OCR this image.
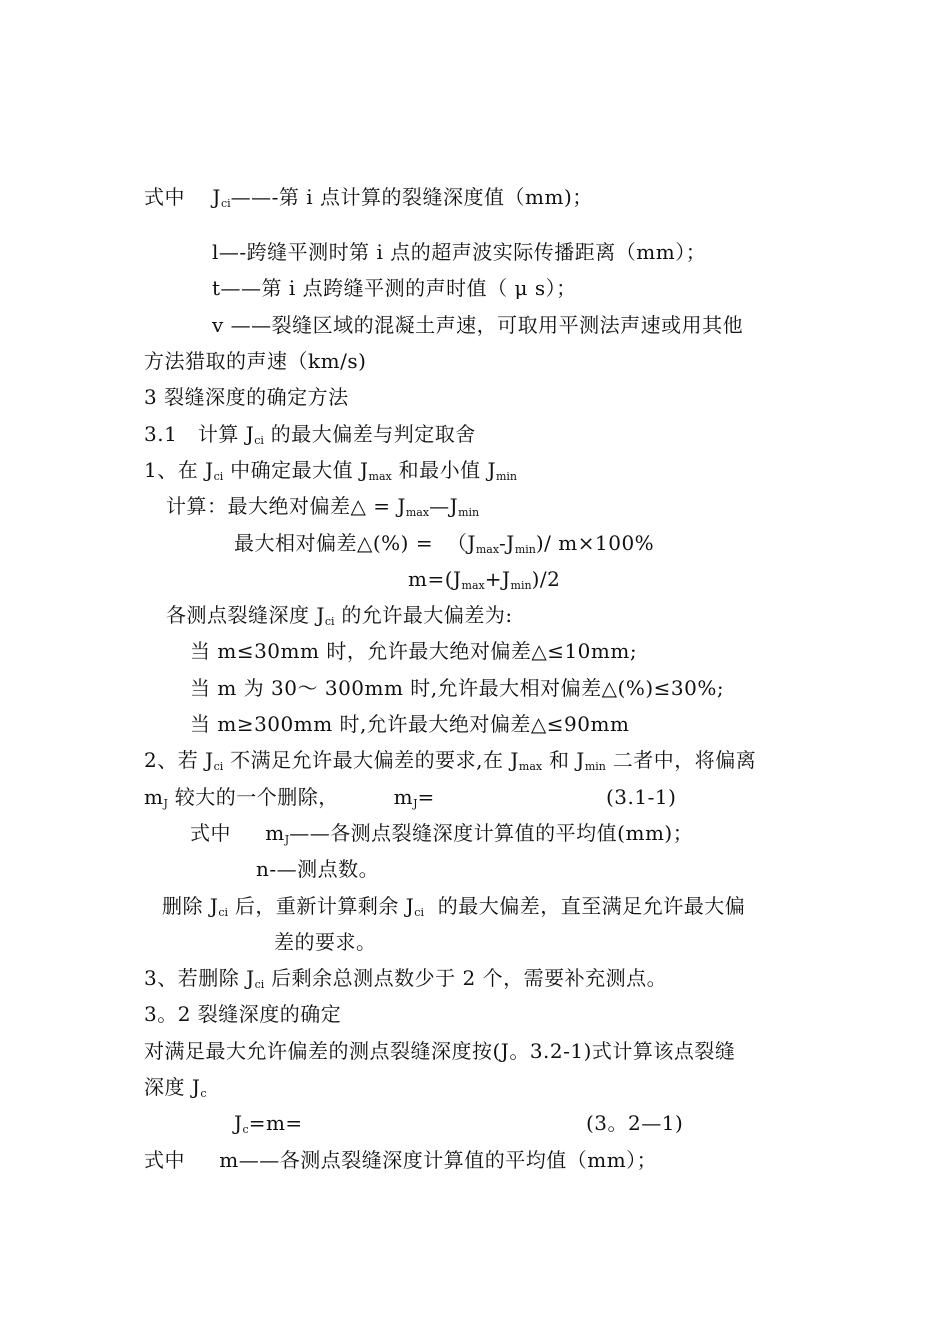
式中    $J_{ci}——-$第 i 点计算的裂缝深度值（mm)；
l—-跨缝平测时第 i 点的超声波实际传播距离（mm）；
t——第 i 点跨缝平测的声时值（ μ s）；
v ——裂缝区域的混凝土声速，可取用平测法声速或用其他
方法猎取的声速（km/s)
3 裂缝深度的确定方法
3.1   计算 $J_{ci}$ 的最大偏差与判定取舍
1、在 $J_{ci}$ 中确定最大值 $J_{max}$ 和最小值 $J_{min}$
计算：最大绝对偏差△ = $J_{max}—J_{min}$
最大相对偏差△(%) =  $(J_{max}-J_{min})/$ m×100%
$m=(J_{max}+J_{min})/2$
各测点裂缝深度 $J_{ci}$ 的允许最大偏差为:
当 m≤30mm 时，允许最大绝对偏差△≤10mm;
当 m 为 30～ 300mm 时,允许最大相对偏差△(%)≤30%;
当 m≥300mm 时,允许最大绝对偏差△≤90mm
2、若 $J_{ci}$ 不满足允许最大偏差的要求,在 $J_{max}$ 和 $J_{min}$ 二者中，将偏离
$m_J$ 较大的一个删除，        $m_J=$	(3.1-1)
式中     $m_J——$各测点裂缝深度计算值的平均值(mm)；
n-—测点数。
删除 $J_{ci}$ 后，重新计算剩余 $J_{ci}$  的最大偏差，直至满足允许最大偏
差的要求。
3、若删除 $J_{ci}$ 后剩余总测点数少于 2 个，需要补充测点。
3。2 裂缝深度的确定
对满足最大允许偏差的测点裂缝深度按(J。3.2-1)式计算该点裂缝
深度 $J_c$
$J_c=m=$	(3。2—1)
式中     m——各测点裂缝深度计算值的平均值（mm）；
